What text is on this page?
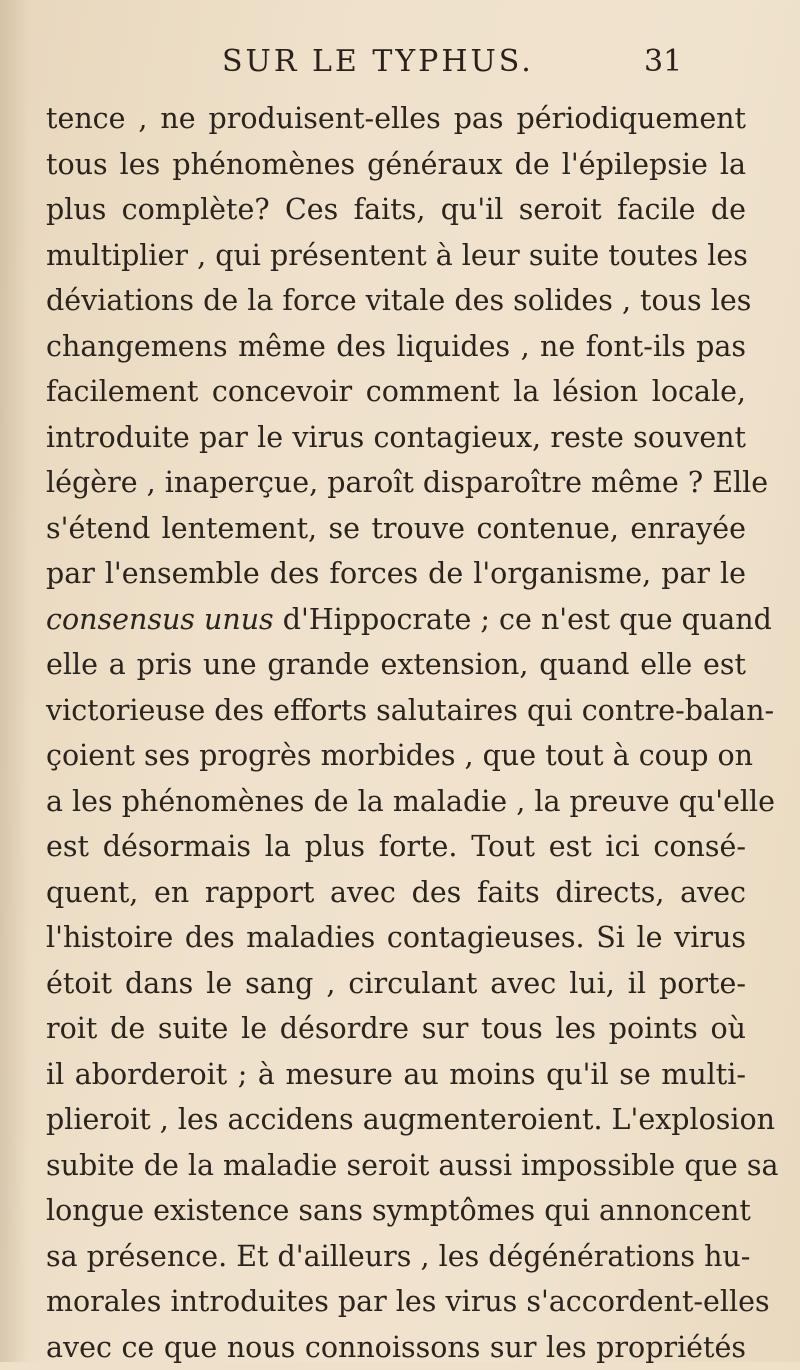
SUR LE TYPHUS.	31
tence , ne produisent-elles pas périodiquement
tous les phénomènes généraux de l'épilepsie la
plus complète? Ces faits, qu'il seroit facile de
multiplier , qui présentent à leur suite toutes les
déviations de la force vitale des solides , tous les
changemens même des liquides , ne font-ils pas
facilement concevoir comment la lésion locale,
introduite par le virus contagieux, reste souvent
légère , inaperçue, paroît disparoître même ? Elle
s'étend lentement, se trouve contenue, enrayée
par l'ensemble des forces de l'organisme, par le
consensus unus d'Hippocrate ; ce n'est que quand
elle a pris une grande extension, quand elle est
victorieuse des efforts salutaires qui contre-balan-
çoient ses progrès morbides , que tout à coup on
a les phénomènes de la maladie , la preuve qu'elle
est désormais la plus forte. Tout est ici consé-
quent, en rapport avec des faits directs, avec
l'histoire des maladies contagieuses. Si le virus
étoit dans le sang , circulant avec lui, il porte-
roit de suite le désordre sur tous les points où
il aborderoit ; à mesure au moins qu'il se multi-
plieroit , les accidens augmenteroient. L'explosion
subite de la maladie seroit aussi impossible que sa
longue existence sans symptômes qui annoncent
sa présence. Et d'ailleurs , les dégénérations hu-
morales introduites par les virus s'accordent-elles
avec ce que nous connoissons sur les propriétés
